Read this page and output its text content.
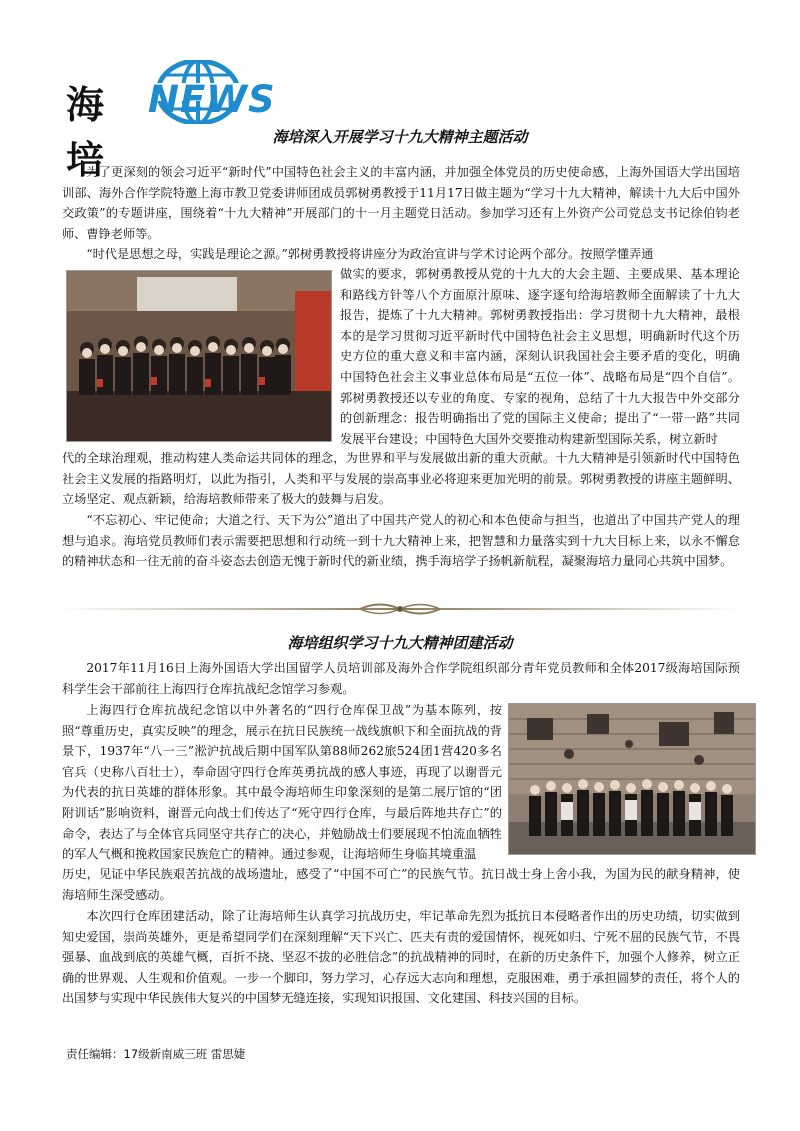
海培
NEWS
海培深入开展学习十九大精神主题活动

为了更深刻的领会习近平“新时代”中国特色社会主义的丰富内涵，并加强全体党员的历史使命感，上海外国语大学出国培训部、海外合作学院特邀上海市教卫党委讲师团成员郭树勇教授于11月17日做主题为“学习十九大精神，解读十九大后中国外交政策”的专题讲座，围绕着“十九大精神”开展部门的十一月主题党日活动。参加学习还有上外资产公司党总支书记徐伯钧老师、曹铮老师等。

“时代是思想之母，实践是理论之源。”郭树勇教授将讲座分为政治宣讲与学术讨论两个部分。按照学懂弄通

做实的要求，郭树勇教授从党的十九大的大会主题、主要成果、基本理论和路线方针等八个方面原汁原味、逐字逐句给海培教师全面解读了十九大报告，提炼了十九大精神。郭树勇教授指出：学习贯彻十九大精神，最根本的是学习贯彻习近平新时代中国特色社会主义思想，明确新时代这个历史方位的重大意义和丰富内涵，深刻认识我国社会主要矛盾的变化，明确中国特色社会主义事业总体布局是“五位一体”、战略布局是“四个自信”。郭树勇教授还以专业的角度、专家的视角，总结了十九大报告中外交部分的创新理念：报告明确指出了党的国际主义使命；提出了“一带一路”共同发展平台建设；中国特色大国外交要推动构建新型国际关系，树立新时

代的全球治理观，推动构建人类命运共同体的理念，为世界和平与发展做出新的重大贡献。十九大精神是引领新时代中国特色社会主义发展的指路明灯，以此为指引，人类和平与发展的崇高事业必将迎来更加光明的前景。郭树勇教授的讲座主题鲜明、立场坚定、观点新颖，给海培教师带来了极大的鼓舞与启发。

“不忘初心、牢记使命；大道之行、天下为公”道出了中国共产党人的初心和本色使命与担当，也道出了中国共产党人的理想与追求。海培党员教师们表示需要把思想和行动统一到十九大精神上来，把智慧和力量落实到十九大目标上来，以永不懈怠的精神状态和一往无前的奋斗姿态去创造无愧于新时代的新业绩，携手海培学子扬帆新航程，凝聚海培力量同心共筑中国梦。

海培组织学习十九大精神团建活动

2017年11月16日上海外国语大学出国留学人员培训部及海外合作学院组织部分青年党员教师和全体2017级海培国际预科学生会干部前往上海四行仓库抗战纪念馆学习参观。

上海四行仓库抗战纪念馆以中外著名的“四行仓库保卫战”为基本陈列，按照“尊重历史，真实反映”的理念，展示在抗日民族统一战线旗帜下和全面抗战的背景下，1937年“八一三”淞沪抗战后期中国军队第88师262旅524团1营420多名官兵（史称八百壮士），奉命固守四行仓库英勇抗战的感人事迹，再现了以谢晋元为代表的抗日英雄的群体形象。其中最令海培师生印象深刻的是第二展厅馆的“团附训话”影响资料，谢晋元向战士们传达了“死守四行仓库，与最后阵地共存亡”的命令，表达了与全体官兵同坚守共存亡的决心，并勉励战士们要展现不怕流血牺牲的军人气概和挽救国家民族危亡的精神。通过参观，让海培师生身临其境重温

历史，见证中华民族艰苦抗战的战场遗址，感受了“中国不可亡”的民族气节。抗日战士身上舍小我，为国为民的献身精神，使海培师生深受感动。

本次四行仓库团建活动，除了让海培师生认真学习抗战历史，牢记革命先烈为抵抗日本侵略者作出的历史功绩，切实做到知史爱国，崇尚英雄外，更是希望同学们在深刻理解“天下兴亡、匹夫有责的爱国情怀，视死如归、宁死不屈的民族气节，不畏强暴、血战到底的英雄气概，百折不挠、坚忍不拔的必胜信念”的抗战精神的同时，在新的历史条件下，加强个人修养，树立正确的世界观、人生观和价值观。一步一个脚印，努力学习，心存远大志向和理想，克服困难，勇于承担圆梦的责任，将个人的出国梦与实现中华民族伟大复兴的中国梦无缝连接，实现知识报国、文化建国、科技兴国的目标。

责任编辑：17级新南威三班 雷思婕
